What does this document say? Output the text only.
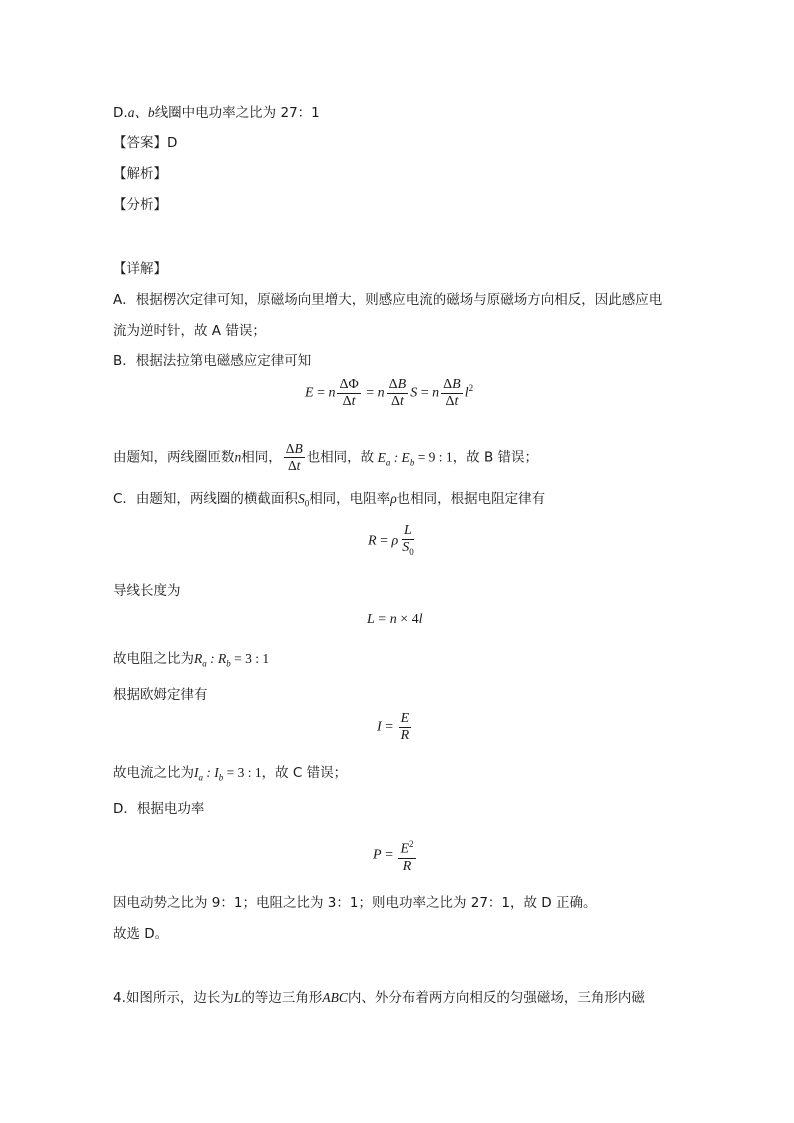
D.a、b线圈中电功率之比为 27：1
【答案】D
【解析】
【分析】
【详解】
A．根据楞次定律可知，原磁场向里增大，则感应电流的磁场与原磁场方向相反，因此感应电
流为逆时针，故 A 错误；
B．根据法拉第电磁感应定律可知
E = n $\frac{\Delta\Phi}{\Delta t} = n \frac{\Delta B}{\Delta t}$ S = n $\frac{\Delta B}{\Delta t} l^2$
由题知，两线圈匝数n相同， $\frac{\Delta B}{\Delta t}$ 也相同，故 $E_a$ : $E_b = 9$ : 1，故 B 错误；
C．由题知，两线圈的横截面积$S_0$相同，电阻率ρ也相同，根据电阻定律有
R = ρ $\frac{L}{S_0}$
导线长度为
L = n × 4l
故电阻之比为$R_a$ : $R_b = 3$ : 1
根据欧姆定律有
$I = \frac{E}{R}$
故电流之比为$I_a$ : $I_b = 3$ : 1，故 C 错误；
D．根据电功率
$P = \frac{E^2}{R}$
因电动势之比为 9：1；电阻之比为 3：1；则电功率之比为 27：1，故 D 正确。
故选 D。
4.如图所示，边长为L的等边三角形ABC内、外分布着两方向相反的匀强磁场，三角形内磁
